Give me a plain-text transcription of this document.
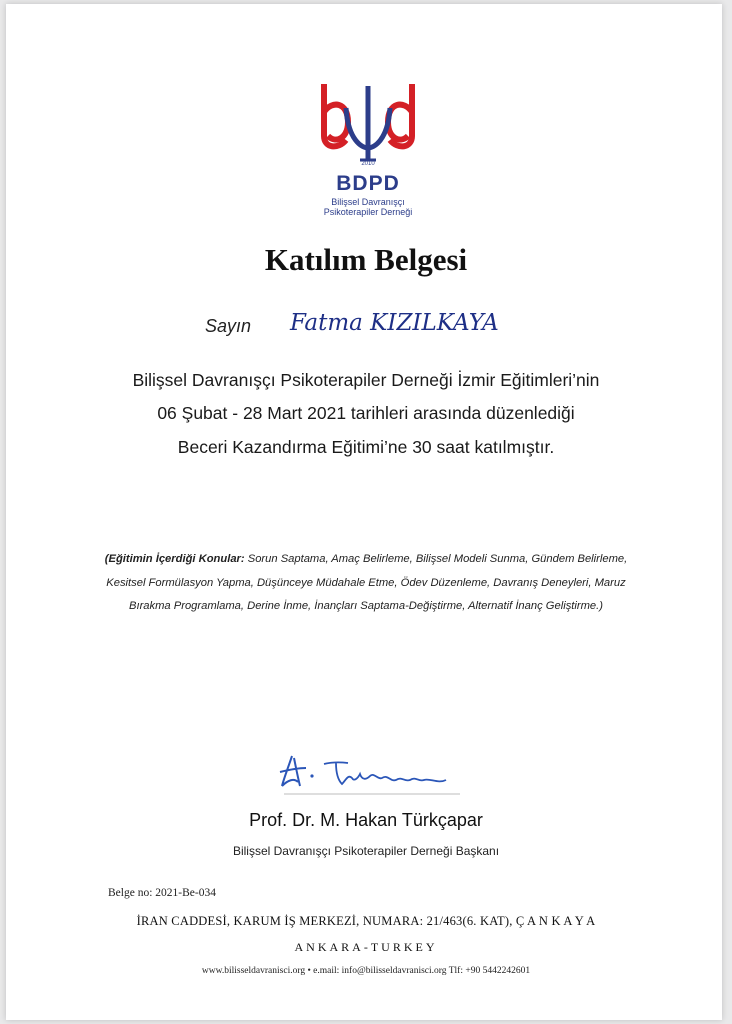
2010
BDPD
Bilişsel Davranışçı
Psikoterapiler Derneği
Katılım Belgesi
Sayın Fatma KIZILKAYA
Bilişsel Davranışçı Psikoterapiler Derneği İzmir Eğitimleri’nin
06 Şubat - 28 Mart 2021 tarihleri arasında düzenlediği
Beceri Kazandırma Eğitimi’ne 30 saat katılmıştır.
(Eğitimin İçerdiği Konular: Sorun Saptama, Amaç Belirleme, Bilişsel Modeli Sunma, Gündem Belirleme, Kesitsel Formülasyon Yapma, Düşünceye Müdahale Etme, Ödev Düzenleme, Davranış Deneyleri, Maruz Bırakma Programlama, Derine İnme, İnançları Saptama-Değiştirme, Alternatif İnanç Geliştirme.)
Prof. Dr. M. Hakan Türkçapar
Bilişsel Davranışçı Psikoterapiler Derneği Başkanı
Belge no: 2021-Be-034
İRAN CADDESİ, KARUM İŞ MERKEZİ, NUMARA: 21/463(6. KAT), Ç A N K A Y A
ANKARA-TURKEY
www.bilisseldavranisci.org • e.mail: info@bilisseldavranisci.org Tlf: +90 5442242601
